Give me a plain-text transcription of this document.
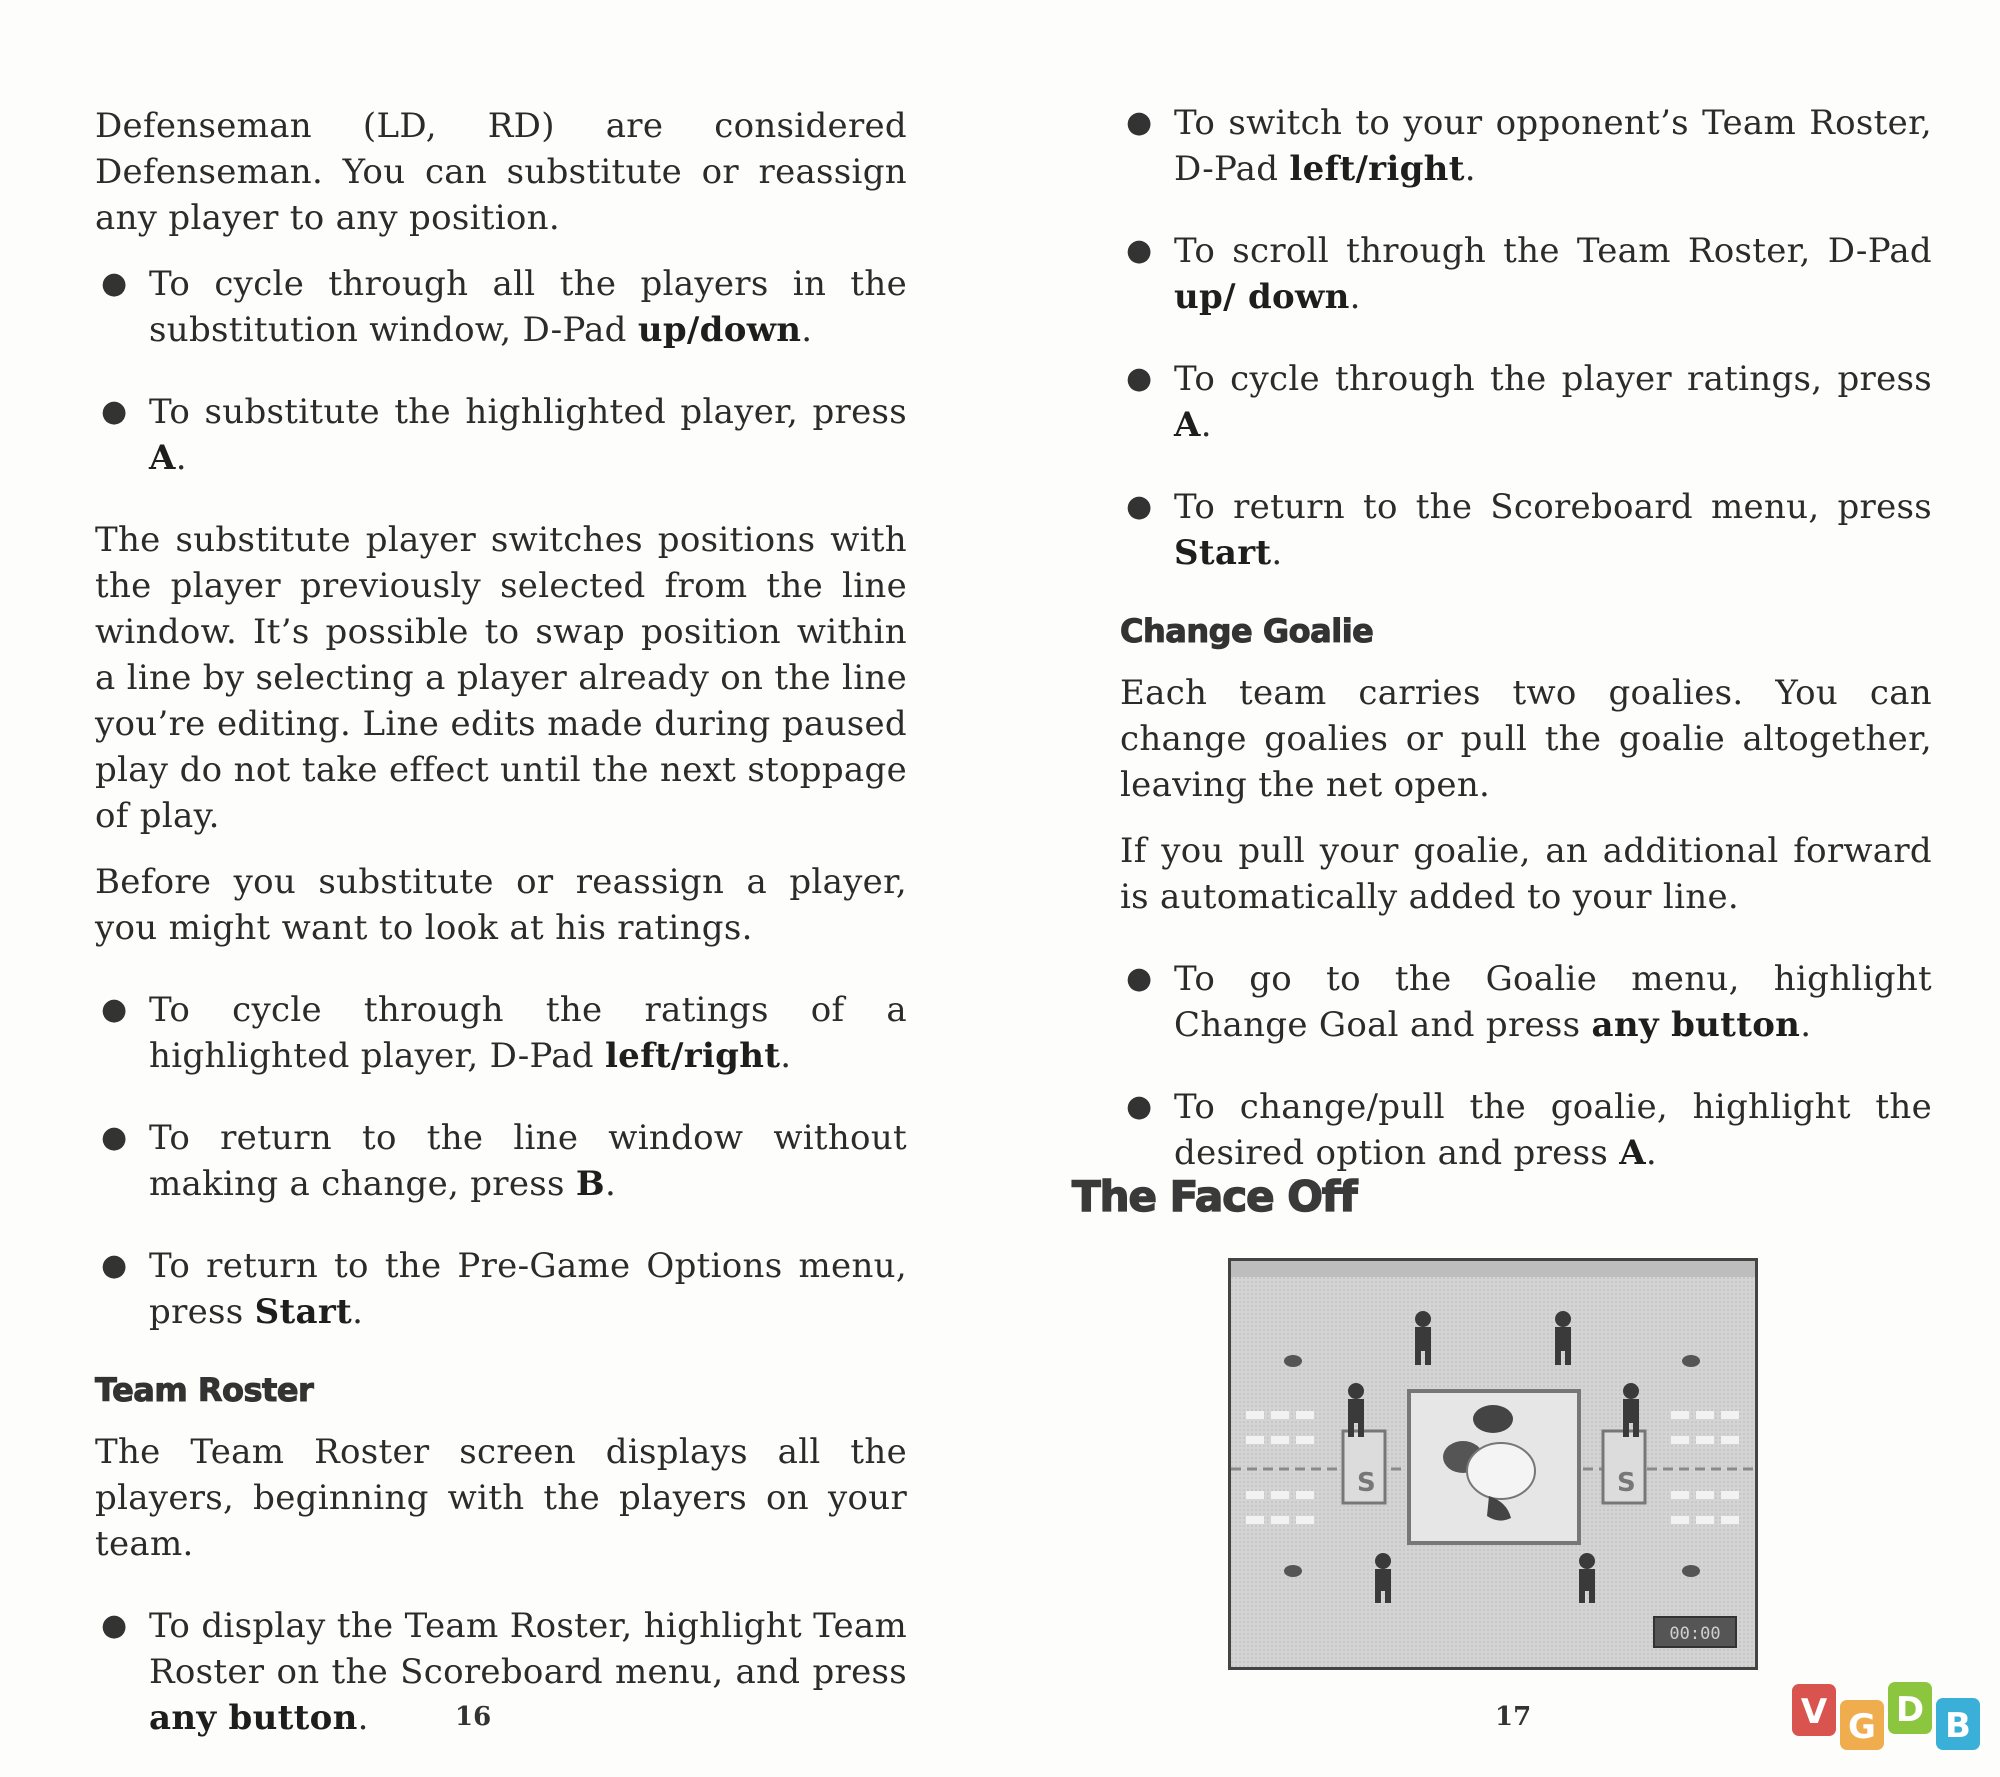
Defenseman (LD, RD) are considered Defenseman. You can substitute or reassign any player to any position.

● To cycle through all the players in the substitution window, D-Pad up/down.
● To substitute the highlighted player, press A.

The substitute player switches positions with the player previously selected from the line window. It’s possible to swap position within a line by selecting a player already on the line you’re editing. Line edits made during paused play do not take effect until the next stoppage of play.

Before you substitute or reassign a player, you might want to look at his ratings.

● To cycle through the ratings of a highlighted player, D-Pad left/right.
● To return to the line window without making a change, press B.
● To return to the Pre-Game Options menu, press Start.
Team Roster

The Team Roster screen displays all the players, beginning with the players on your team.

● To display the Team Roster, highlight Team Roster on the Scoreboard menu, and press any button.	16
● To switch to your opponent’s Team Roster, D-Pad left/right.
● To scroll through the Team Roster, D-Pad up/ down.
● To cycle through the player ratings, press A.
● To return to the Scoreboard menu, press Start.
Change Goalie

Each team carries two goalies. You can change goalies or pull the goalie altogether, leaving the net open.

If you pull your goalie, an additional forward is automatically added to your line.

● To go to the Goalie menu, highlight Change Goal and press any button.
● To change/pull the goalie, highlight the desired option and press A.
The Face Off
S	S
00:00
17	V G D B
